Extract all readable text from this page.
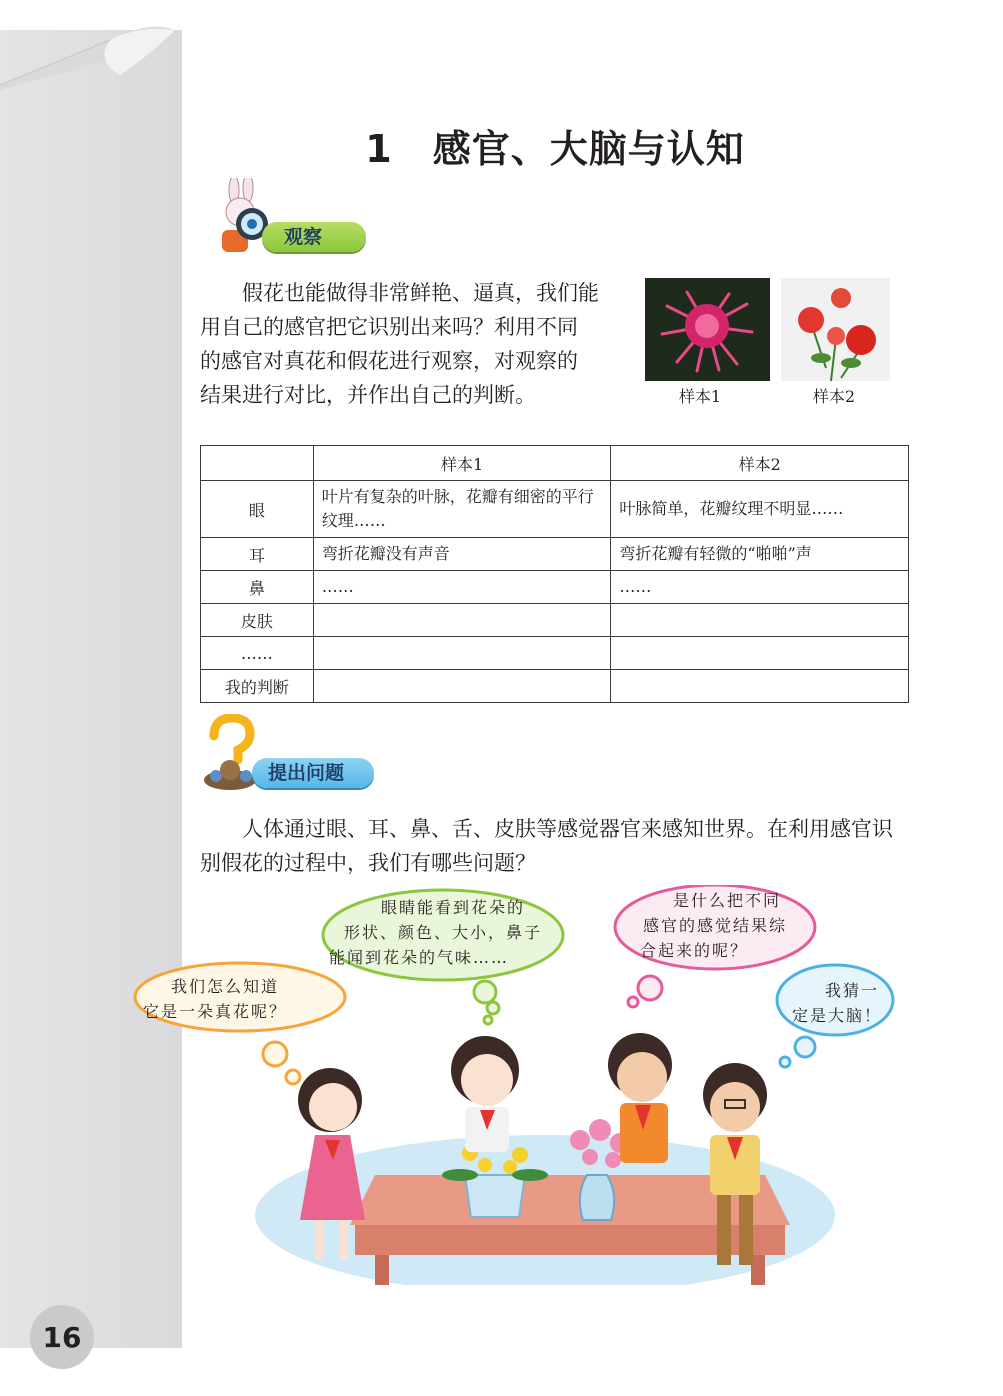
16
1 感官、大脑与认知
观察
假花也能做得非常鲜艳、逼真，我们能
用自己的感官把它识别出来吗？利用不同
的感官对真花和假花进行观察，对观察的
结果进行对比，并作出自己的判断。	样本1	样本2
	样本1	样本2
眼	叶片有复杂的叶脉，花瓣有细密的平行纹理……	叶脉简单，花瓣纹理不明显……
耳	弯折花瓣没有声音	弯折花瓣有轻微的“啪啪”声
鼻	……	……
皮肤		
……		
我的判断		
提出问题
人体通过眼、耳、鼻、舌、皮肤等感觉器官来感知世界。在利用感官识
别假花的过程中，我们有哪些问题？
我们怎么知道
它是一朵真花呢？
眼睛能看到花朵的
形状、颜色、大小，鼻子
能闻到花朵的气味……
是什么把不同
感官的感觉结果综
合起来的呢？
我猜一
定是大脑！
